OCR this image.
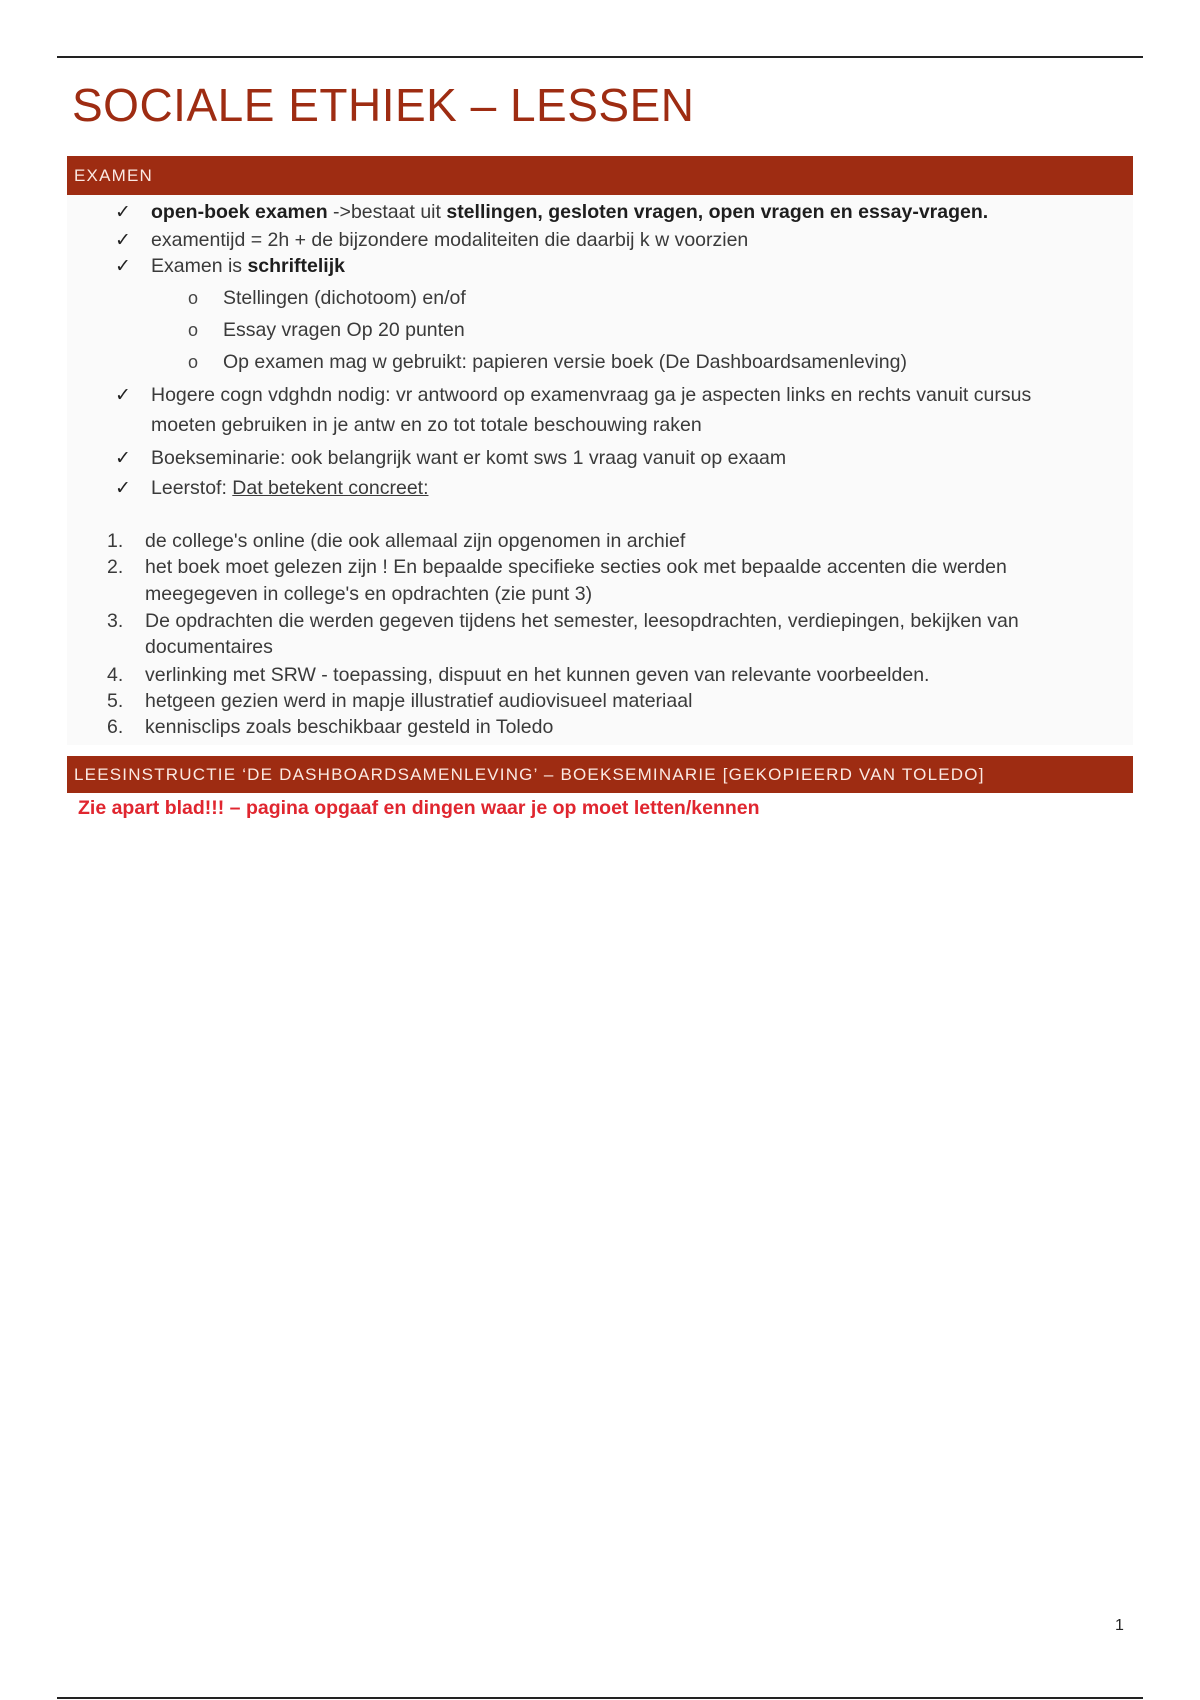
SOCIALE ETHIEK – LESSEN
EXAMEN
✓ open-boek examen ->bestaat uit stellingen, gesloten vragen, open vragen en essay-vragen.
✓ examentijd = 2h + de bijzondere modaliteiten die daarbij k w voorzien
✓ Examen is schriftelijk
o Stellingen (dichotoom) en/of
o Essay vragen Op 20 punten
o Op examen mag w gebruikt: papieren versie boek (De Dashboardsamenleving)
✓ Hogere cogn vdghdn nodig: vr antwoord op examenvraag ga je aspecten links en rechts vanuit cursus
moeten gebruiken in je antw en zo tot totale beschouwing raken
✓ Boekseminarie: ook belangrijk want er komt sws 1 vraag vanuit op exaam
✓ Leerstof: Dat betekent concreet:
1.	de college's online (die ook allemaal zijn opgenomen in archief
2.	het boek moet gelezen zijn ! En bepaalde specifieke secties ook met bepaalde accenten die werden
meegegeven in college's en opdrachten (zie punt 3)
3.	De opdrachten die werden gegeven tijdens het semester, leesopdrachten, verdiepingen, bekijken van
documentaires
4.	verlinking met SRW - toepassing, dispuut en het kunnen geven van relevante voorbeelden.
5.	hetgeen gezien werd in mapje illustratief audiovisueel materiaal
6.	kennisclips zoals beschikbaar gesteld in Toledo
LEESINSTRUCTIE ‘DE DASHBOARDSAMENLEVING’ – BOEKSEMINARIE [GEKOPIEERD VAN TOLEDO]
Zie apart blad!!! – pagina opgaaf en dingen waar je op moet letten/kennen
1
